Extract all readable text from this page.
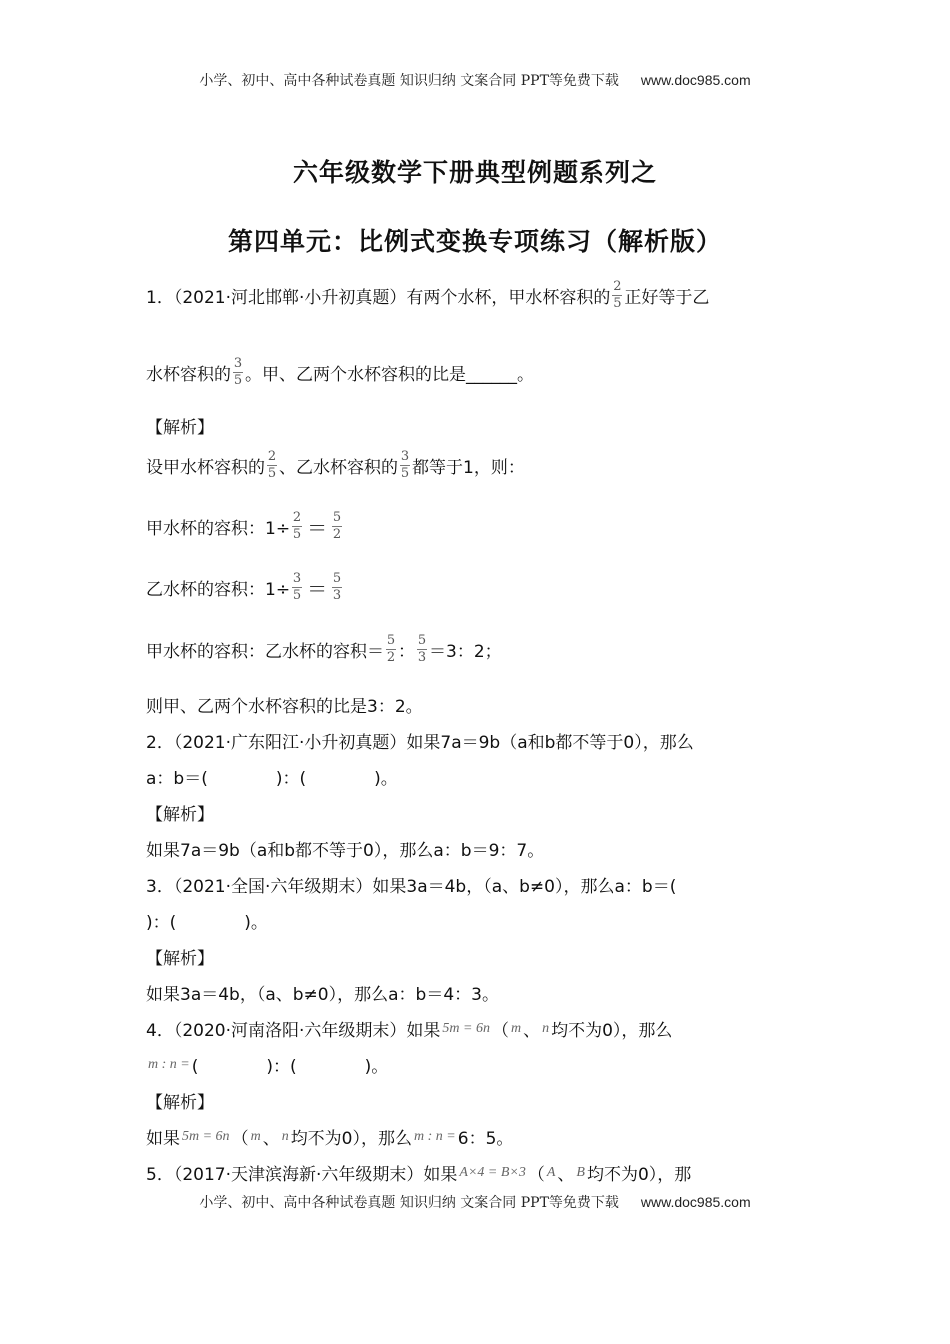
小学、初中、高中各种试卷真题 知识归纳 文案合同 PPT等免费下载 www.doc985.com
六年级数学下册典型例题系列之
第四单元：比例式变换专项练习（解析版）
1．（2021·河北邯郸·小升初真题）有两个水杯，甲水杯容积的 $\frac{2}{5}$ 正好等于乙
水杯容积的 $\frac{3}{5}$ 。甲、乙两个水杯容积的比是______。
【解析】
设甲水杯容积的 $\frac{2}{5}$ 、乙水杯容积的 $\frac{3}{5}$ 都等于1，则：
甲水杯的容积：$1\div \frac{2}{5} = \frac{5}{2}$
乙水杯的容积：$1\div \frac{3}{5} = \frac{5}{3}$
甲水杯的容积：乙水杯的容积＝ $\frac{5}{2}$ ： $\frac{5}{3} =3$：2；
则甲、乙两个水杯容积的比是3：2。
2．（2021·广东阳江·小升初真题）如果7a＝9b（a和b都不等于0），那么
a：b＝(　　　　)：(　　　　)。
【解析】
如果7a＝9b（a和b都不等于0），那么a：b＝9：7。
3．（2021·全国·六年级期末）如果3a＝4b，（a、b≠0），那么a：b＝(
)：(　　　　)。
【解析】
如果3a＝4b，（a、b≠0），那么a：b＝4：3。
4．（2020·河南洛阳·六年级期末）如果 5m = 6n （ m 、 n 均不为0），那么
m : n = (　　　　)：(　　　　)。
【解析】
如果 5m = 6n （ m 、 n 均不为0），那么 m : n = 6：5。
5．（2017·天津滨海新·六年级期末）如果 A×4 = B×3 （ A 、 B 均不为0），那
小学、初中、高中各种试卷真题 知识归纳 文案合同 PPT等免费下载 www.doc985.com
